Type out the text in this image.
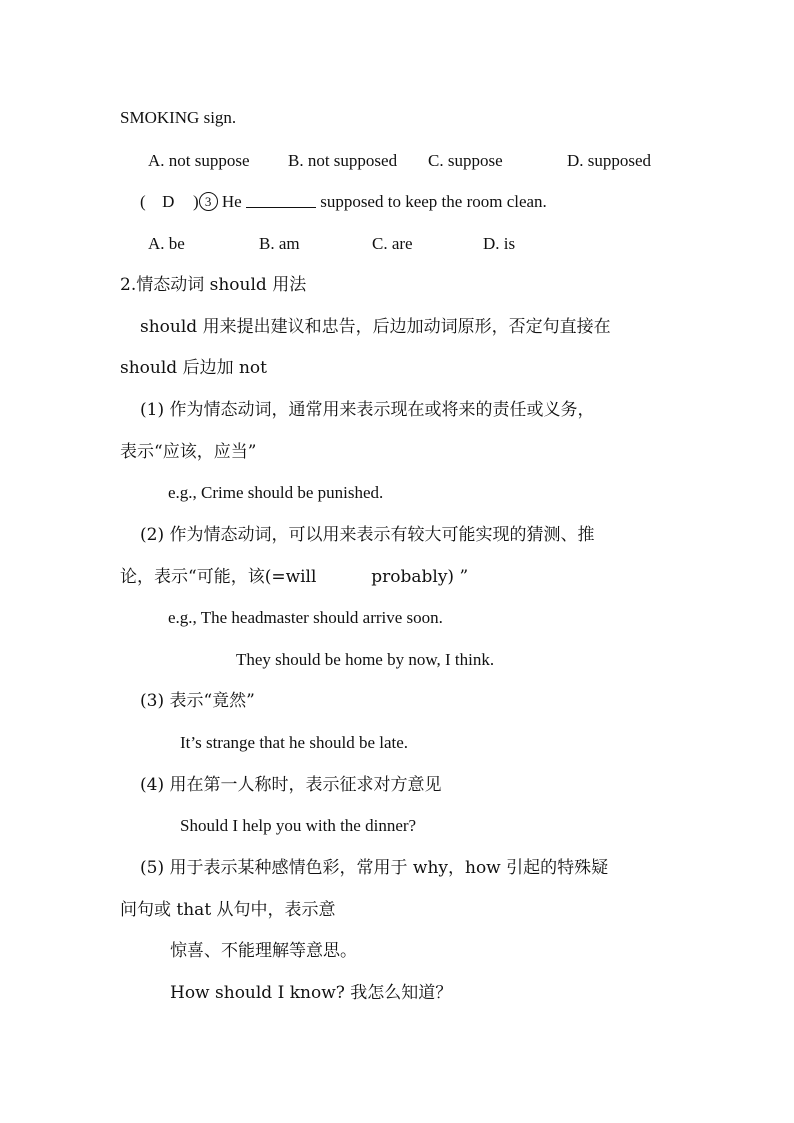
SMOKING sign.
A. not suppose B. not supposed C. suppose	D. supposed
( D ) 3 He	supposed to keep the room clean.
A. be	B. am	C. are	D. is
2.情态动词 should 用法
should 用来提出建议和忠告，后边加动词原形，否定句直接在
should 后边加 not
(1) 作为情态动词，通常用来表示现在或将来的责任或义务，
表示“应该，应当”
e.g., Crime should be punished.
(2) 作为情态动词，可以用来表示有较大可能实现的猜测、推
论，表示“可能，该(=will	probably) ”
e.g., The headmaster should arrive soon.
They should be home by now, I think.
(3) 表示“竟然”
It’s strange that he should be late.
(4) 用在第一人称时，表示征求对方意见
Should I help you with the dinner?
(5) 用于表示某种感情色彩，常用于 why，how 引起的特殊疑
问句或 that 从句中，表示意
惊喜、不能理解等意思。
How should I know? 我怎么知道？
